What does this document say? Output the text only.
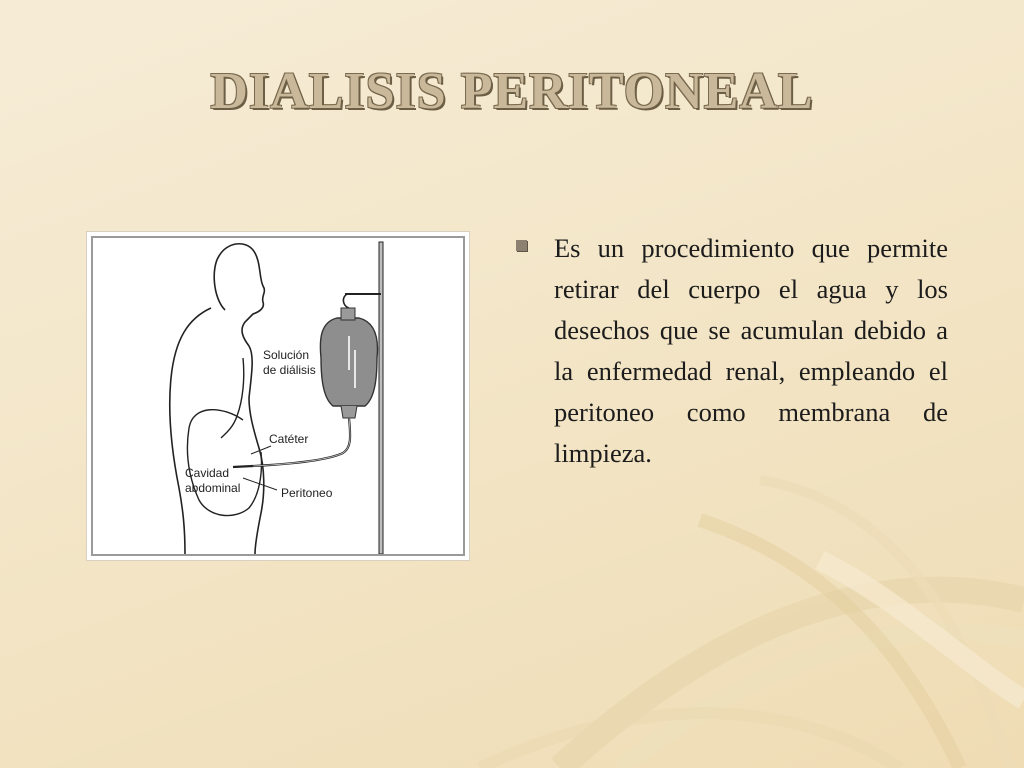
DIALISIS PERITONEAL
Solución
de diálisis
Catéter
Cavidad
abdominal	Peritoneo
Es un procedimiento que permite retirar del cuerpo el agua y los desechos que se acumulan debido a la enfermedad renal, empleando el peritoneo como membrana de limpieza.
